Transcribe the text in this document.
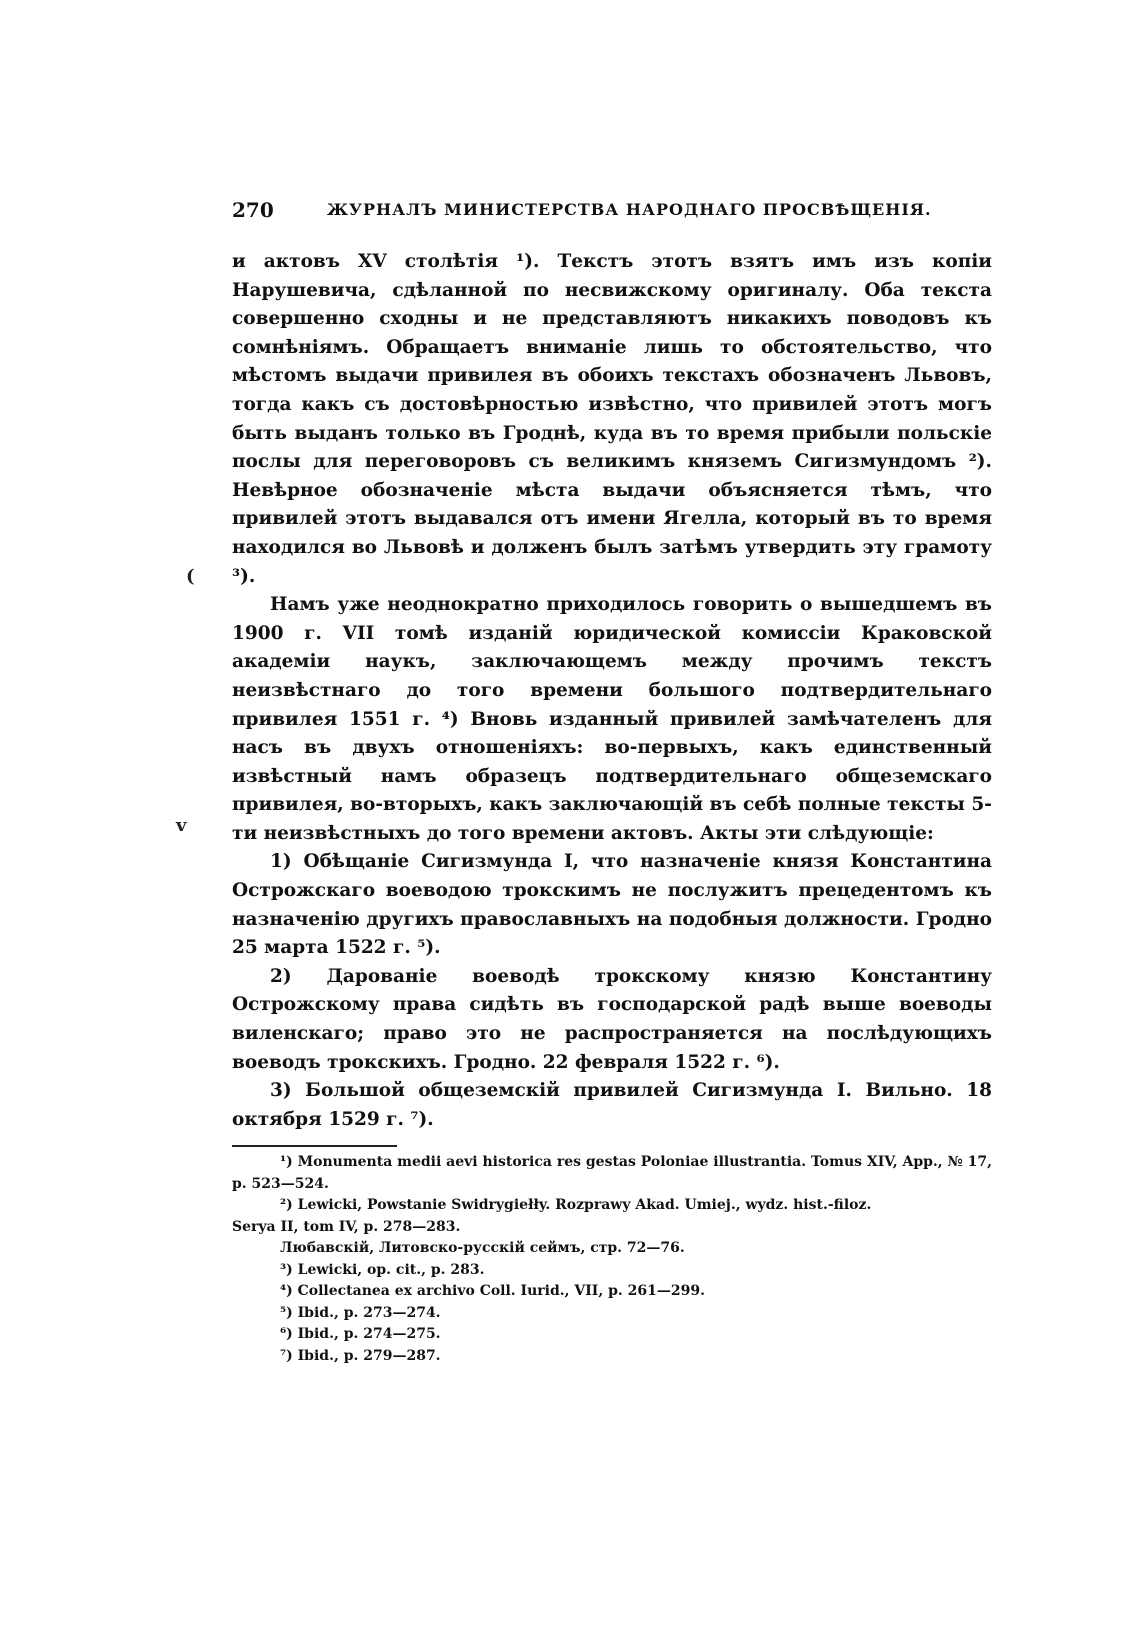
270	ЖУРНАЛЪ МИНИСТЕРСТВА НАРОДНАГО ПРОСВѢЩЕНІЯ.
(
v

и актовъ XV столѣтія ¹). Текстъ этотъ взятъ имъ изъ копіи Нарушевича, сдѣланной по несвижскому оригиналу. Оба текста совершенно сходны и не представляютъ никакихъ поводовъ къ сомнѣніямъ. Обращаетъ вниманіе лишь то обстоятельство, что мѣстомъ выдачи привилея въ обоихъ текстахъ обозначенъ Львовъ, тогда какъ съ достовѣрностью извѣстно, что привилей этотъ могъ быть выданъ только въ Гроднѣ, куда въ то время прибыли польскіе послы для переговоровъ съ великимъ княземъ Сигизмундомъ ²). Невѣрное обозначеніе мѣста выдачи объясняется тѣмъ, что привилей этотъ выдавался отъ имени Ягелла, который въ то время находился во Львовѣ и долженъ былъ затѣмъ утвердить эту грамоту ³).

Намъ уже неоднократно приходилось говорить о вышедшемъ въ 1900 г. VII томѣ изданій юридической комиссіи Краковской академіи наукъ, заключающемъ между прочимъ текстъ неизвѣстнаго до того времени большого подтвердительнаго привилея 1551 г. ⁴) Вновь изданный привилей замѣчателенъ для насъ въ двухъ отношеніяхъ: во-первыхъ, какъ единственный извѣстный намъ образецъ подтвердительнаго общеземскаго привилея, во-вторыхъ, какъ заключающій въ себѣ полные тексты 5-ти неизвѣстныхъ до того времени актовъ. Акты эти слѣдующіе:

1) Обѣщаніе Сигизмунда I, что назначеніе князя Константина Острожскаго воеводою трокскимъ не послужитъ прецедентомъ къ назначенію другихъ православныхъ на подобныя должности. Гродно 25 марта 1522 г. ⁵).

2) Дарованіе воеводѣ трокскому князю Константину Острожскому права сидѣть въ господарской радѣ выше воеводы виленскаго; право это не распространяется на послѣдующихъ воеводъ трокскихъ. Гродно. 22 февраля 1522 г. ⁶).

3) Большой общеземскій привилей Сигизмунда I. Вильно. 18 октября 1529 г. ⁷).

¹) Monumenta medii aevi historica res gestas Poloniae illustrantia. Tomus XIV, App., № 17, p. 523—524.
²) Lewicki, Powstanie Swidrygiełły. Rozprawy Akad. Umiej., wydz. hist.-filoz.
Serya II, tom IV, p. 278—283.
Любавскій, Литовско-русскій сеймъ, стр. 72—76.
³) Lewicki, op. cit., p. 283.
⁴) Collectanea ex archivo Coll. Iurid., VII, p. 261—299.
⁵) Ibid., p. 273—274.
⁶) Ibid., p. 274—275.
⁷) Ibid., p. 279—287.
